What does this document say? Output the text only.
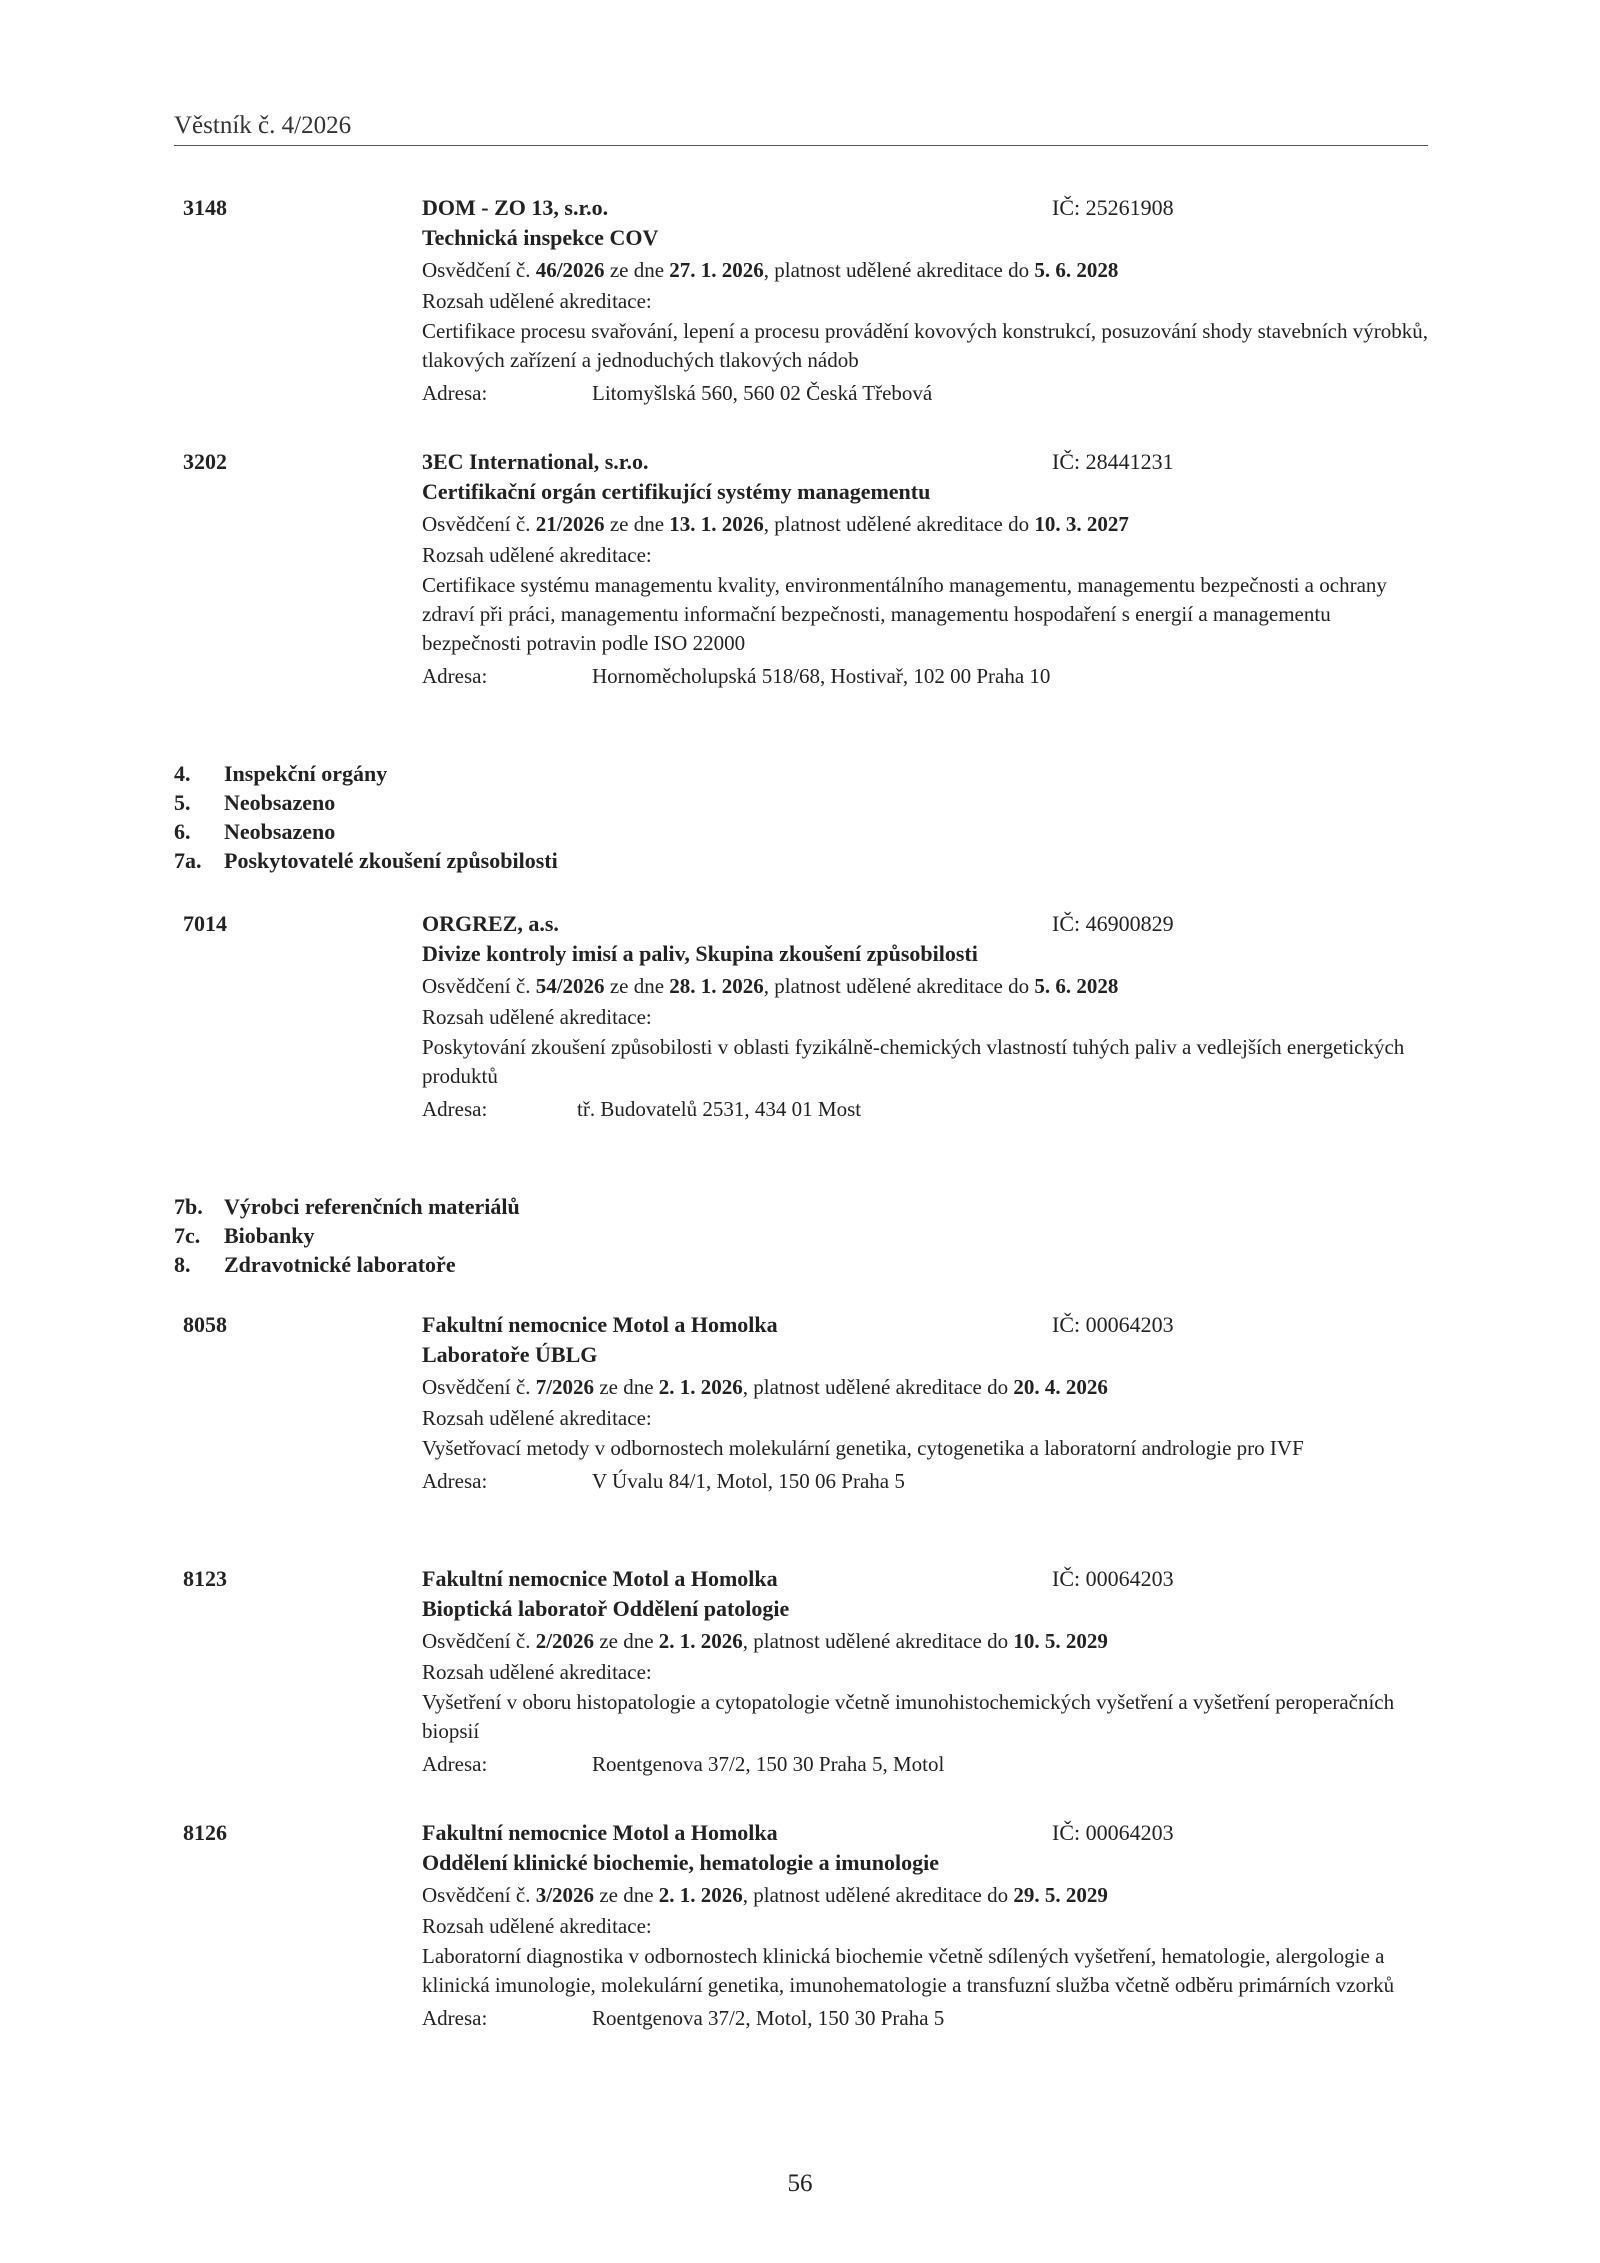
Věstník č. 4/2026
3148	DOM - ZO 13, s.r.o.	IČ: 25261908
Technická inspekce COV
Osvědčení č. 46/2026 ze dne 27. 1. 2026, platnost udělené akreditace do 5. 6. 2028
Rozsah udělené akreditace:
Certifikace procesu svařování, lepení a procesu provádění kovových konstrukcí, posuzování shody stavebních výrobků, tlakových zařízení a jednoduchých tlakových nádob
Adresa:	Litomyšlská 560, 560 02 Česká Třebová
3202	3EC International, s.r.o.	IČ: 28441231
Certifikační orgán certifikující systémy managementu
Osvědčení č. 21/2026 ze dne 13. 1. 2026, platnost udělené akreditace do 10. 3. 2027
Rozsah udělené akreditace:
Certifikace systému managementu kvality, environmentálního managementu, managementu bezpečnosti a ochrany zdraví při práci, managementu informační bezpečnosti, managementu hospodaření s energií a managementu bezpečnosti potravin podle ISO 22000
Adresa:	Hornoměcholupská 518/68, Hostivař, 102 00 Praha 10
4. Inspekční orgány
5. Neobsazeno
6. Neobsazeno
7a. Poskytovatelé zkoušení způsobilosti
7014	ORGREZ, a.s.	IČ: 46900829
Divize kontroly imisí a paliv, Skupina zkoušení způsobilosti
Osvědčení č. 54/2026 ze dne 28. 1. 2026, platnost udělené akreditace do 5. 6. 2028
Rozsah udělené akreditace:
Poskytování zkoušení způsobilosti v oblasti fyzikálně-chemických vlastností tuhých paliv a vedlejších energetických produktů
Adresa:	tř. Budovatelů 2531, 434 01 Most
7b. Výrobci referenčních materiálů
7c. Biobanky
8. Zdravotnické laboratoře
8058	Fakultní nemocnice Motol a Homolka	IČ: 00064203
Laboratoře ÚBLG
Osvědčení č. 7/2026 ze dne 2. 1. 2026, platnost udělené akreditace do 20. 4. 2026
Rozsah udělené akreditace:
Vyšetřovací metody v odbornostech molekulární genetika, cytogenetika a laboratorní andrologie pro IVF
Adresa:	V Úvalu 84/1, Motol, 150 06 Praha 5
8123	Fakultní nemocnice Motol a Homolka	IČ: 00064203
Bioptická laboratoř Oddělení patologie
Osvědčení č. 2/2026 ze dne 2. 1. 2026, platnost udělené akreditace do 10. 5. 2029
Rozsah udělené akreditace:
Vyšetření v oboru histopatologie a cytopatologie včetně imunohistochemických vyšetření a vyšetření peroperačních biopsií
Adresa:	Roentgenova 37/2, 150 30 Praha 5, Motol
8126	Fakultní nemocnice Motol a Homolka	IČ: 00064203
Oddělení klinické biochemie, hematologie a imunologie
Osvědčení č. 3/2026 ze dne 2. 1. 2026, platnost udělené akreditace do 29. 5. 2029
Rozsah udělené akreditace:
Laboratorní diagnostika v odbornostech klinická biochemie včetně sdílených vyšetření, hematologie, alergologie a klinická imunologie, molekulární genetika, imunohematologie a transfuzní služba včetně odběru primárních vzorků
Adresa:	Roentgenova 37/2, Motol, 150 30 Praha 5
56
